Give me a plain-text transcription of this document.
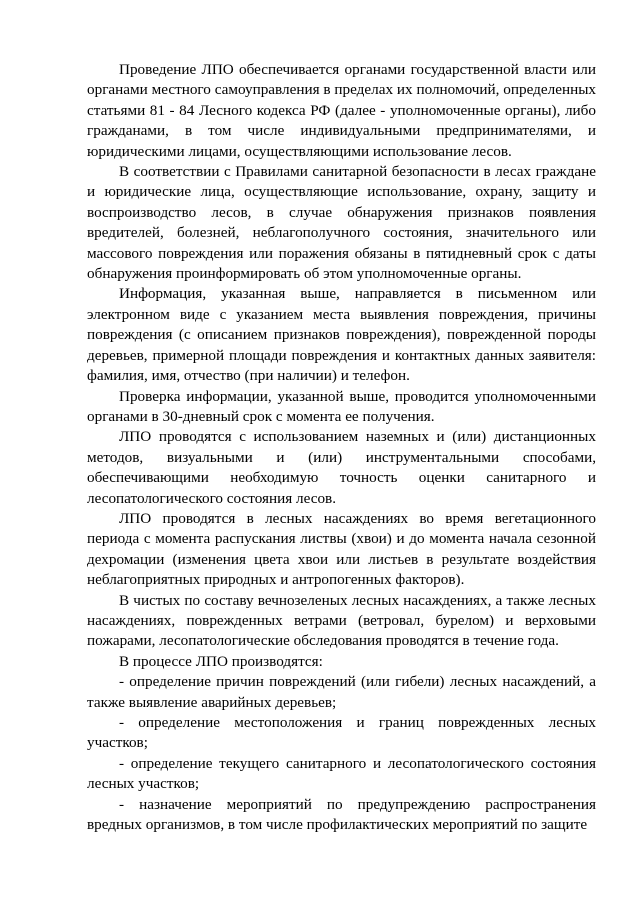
Проведение ЛПО обеспечивается органами государственной власти или органами местного самоуправления в пределах их полномочий, определенных статьями 81 - 84 Лесного кодекса РФ (далее - уполномоченные органы), либо гражданами, в том числе индивидуальными предпринимателями, и юридическими лицами, осуществляющими использование лесов.

В соответствии с Правилами санитарной безопасности в лесах граждане и юридические лица, осуществляющие использование, охрану, защиту и воспроизводство лесов, в случае обнаружения признаков появления вредителей, болезней, неблагополучного состояния, значительного или массового повреждения или поражения обязаны в пятидневный срок с даты обнаружения проинформировать об этом уполномоченные органы.

Информация, указанная выше, направляется в письменном или электронном виде с указанием места выявления повреждения, причины повреждения (с описанием признаков повреждения), поврежденной породы деревьев, примерной площади повреждения и контактных данных заявителя: фамилия, имя, отчество (при наличии) и телефон.

Проверка информации, указанной выше, проводится уполномоченными органами в 30-дневный срок с момента ее получения.

ЛПО проводятся с использованием наземных и (или) дистанционных методов, визуальными и (или) инструментальными способами, обеспечивающими необходимую точность оценки санитарного и лесопатологического состояния лесов.

ЛПО проводятся в лесных насаждениях во время вегетационного периода с момента распускания листвы (хвои) и до момента начала сезонной дехромации (изменения цвета хвои или листьев в результате воздействия неблагоприятных природных и антропогенных факторов).

В чистых по составу вечнозеленых лесных насаждениях, а также лесных насаждениях, поврежденных ветрами (ветровал, бурелом) и верховыми пожарами, лесопатологические обследования проводятся в течение года.

В процессе ЛПО производятся:

- определение причин повреждений (или гибели) лесных насаждений, а также выявление аварийных деревьев;

- определение местоположения и границ поврежденных лесных участков;

- определение текущего санитарного и лесопатологического состояния лесных участков;

- назначение мероприятий по предупреждению распространения вредных организмов, в том числе профилактических мероприятий по защите
